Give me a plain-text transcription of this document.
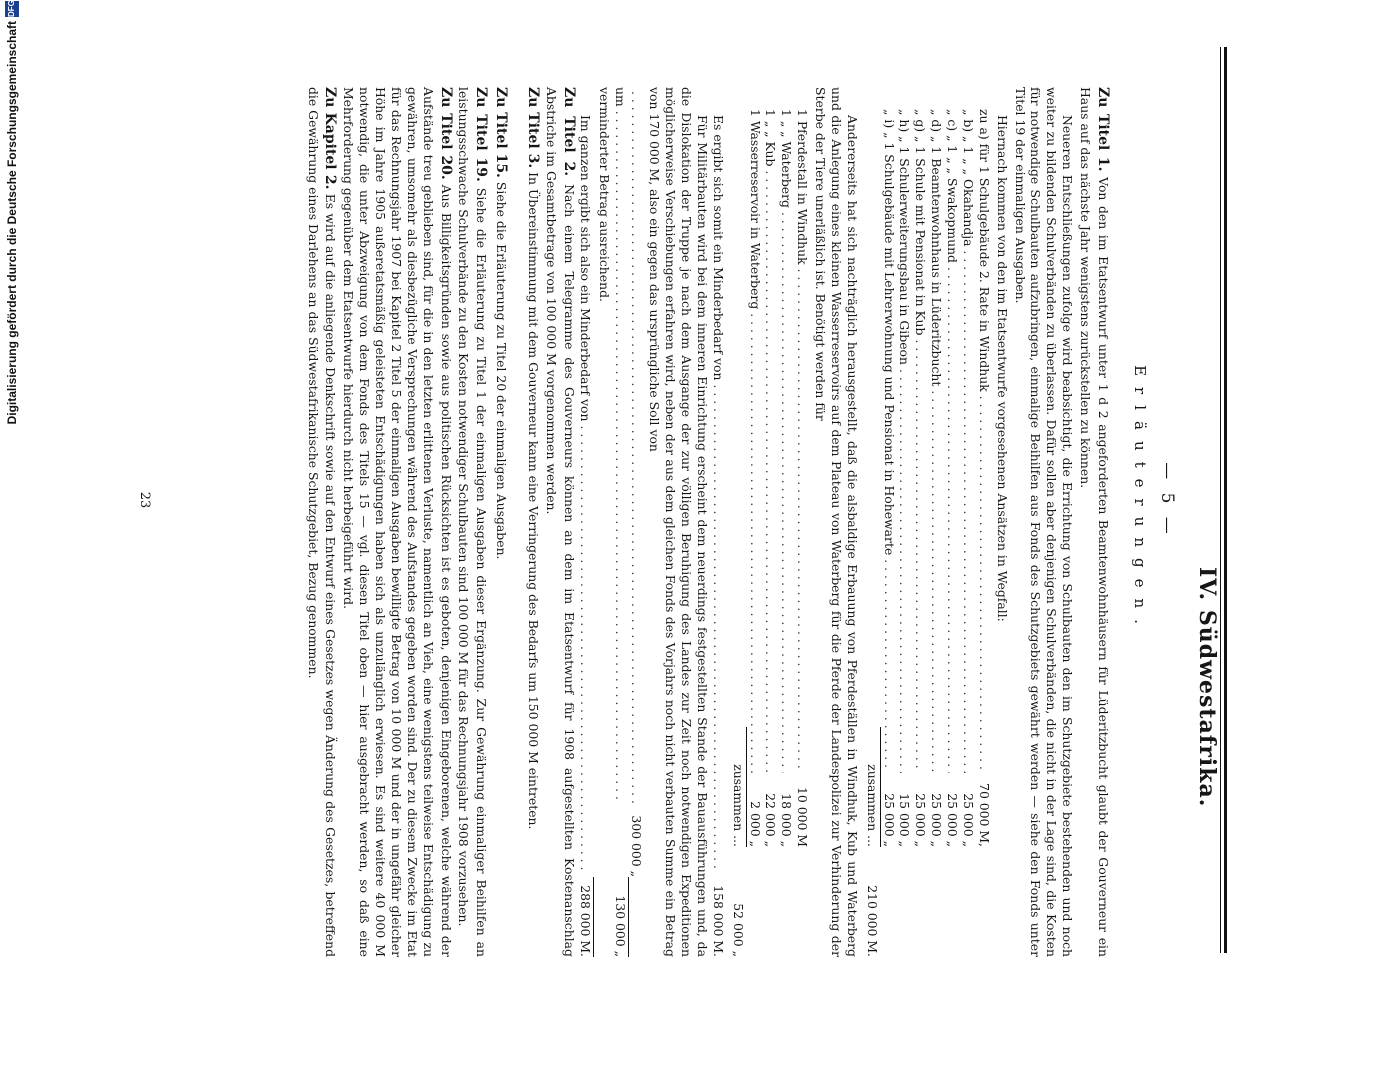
Digitalisierung gefördert durch die Deutsche Forschungsgemeinschaft
DFG
IV. Südwestafrika.
— 5 —
Erläuterungen.

Zu Titel 1. Von den im Etatsentwurf unter 1 d 2 angeforderten Beamtenwohnhäusern für Lüderitzbucht glaubt der Gouverneur ein Haus auf das nächste Jahr wenigstens zurückstellen zu können.

Neueren Entschließungen zufolge wird beabsichtigt, die Errichtung von Schulbauten den im Schutzgebiete bestehenden und noch weiter zu bildenden Schulverbänden zu überlassen. Dafür sollen aber denjenigen Schulverbänden, die nicht in der Lage sind, die Kosten für notwendige Schulbauten aufzubringen, einmalige Beihilfen aus Fonds des Schutzgebiets gewährt werden — siehe den Fonds unter Titel 19 der einmaligen Ausgaben.

Hiernach kommen von den im Etatsentwurfe vorgesehenen Ansätzen in Wegfall:

zu a) für 1 Schulgebäude 2. Rate in Windhuk
. . .
70 000 M,
„ b) „ 1 „ „ Okahandja
. . .
25 000 „
„ c) „ 1 „ „ Swakopmund
. . .
25 000 „
„ d) „ 1 Beamtenwohnhaus in Lüderitzbucht
. . .
25 000 „
„ g) „ 1 Schule mit Pensionat in Kub
. . .
25 000 „
„ h) „ 1 Schulerweiterungsbau in Gibeon
. . .
15 000 „
„ i) „ 1 Schulgebäude mit Lehrerwohnung und Pensionat in Hohewarte
. . .
25 000 „
zusammen ...
210 000 M.

Andererseits hat sich nachträglich herausgestellt, daß die alsbaldige Erbauung von Pferdeställen in Windhuk, Kub und Waterberg und die Anlegung eines kleinen Wasserreservoirs auf dem Plateau von Waterberg für die Pferde der Landespolizei zur Verhinderung der Sterbe der Tiere unerläßlich ist. Benötigt werden für

1 Pferdestall in Windhuk
. . .
10 000 M
1 „ „ Waterberg
. . .
18 000 „
1 „ „ Kub
. . .
22 000 „
1 Wasserreservoir in Waterberg
. . .
2 000 „
zusammen ...
52 000 „
Es ergibt sich somit ein Minderbedarf von
. . .
158 000 M.

Für Militärbauten wird bei dem inneren Einrichtung erscheint dem neuerdings festgestellten Stande der Bauausführungen und, da die Dislokation der Truppe je nach dem Ausgange der zur völligen Beruhigung des Landes zur Zeit noch notwendigen Expeditionen möglicherweise Verschiebungen erfahren wird, neben der aus dem gleichen Fonds des Vorjahrs noch nicht verbauten Summe ein Betrag von 170 000 M, also ein gegen das ursprüngliche Soll von

. . .
300 000 „
um
. . .
130 000 „
verminderter Betrag ausreichend.
Im ganzen ergibt sich also ein Minderbedarf von
. . .
288 000 M.

Zu Titel 2. Nach einem Telegramme des Gouverneurs können an dem im Etatsentwurf für 1908 aufgestellten Kostenanschlag Abstriche im Gesamtbetrage von 100 000 M vorgenommen werden.

Zu Titel 3. In Übereinstimmung mit dem Gouverneur kann eine Verringerung des Bedarfs um 150 000 M eintreten.

Zu Titel 15. Siehe die Erläuterung zu Titel 20 der einmaligen Ausgaben.

Zu Titel 19. Siehe die Erläuterung zu Titel 1 der einmaligen Ausgaben dieser Ergänzung. Zur Gewährung einmaliger Beihilfen an leistungsschwache Schulverbände zu den Kosten notwendiger Schulbauten sind 100 000 M für das Rechnungsjahr 1908 vorzusehen.

Zu Titel 20. Aus Billigkeitsgründen sowie aus politischen Rücksichten ist es geboten, denjenigen Eingeborenen, welche während der Aufstände treu geblieben sind, für die in den letzten erlittenen Verluste, namentlich an Vieh, eine wenigstens teilweise Entschädigung zu gewähren, umsomehr als diesbezügliche Versprechungen während des Aufstandes gegeben worden sind. Der zu diesem Zwecke im Etat für das Rechnungsjahr 1907 bei Kapitel 2 Titel 5 der einmaligen Ausgaben bewilligte Betrag von 10 000 M und der in ungefähr gleicher Höhe im Jahre 1905 außeretatsmäßig geleisteten Entschädigungen haben sich als unzulänglich erwiesen. Es sind weitere 40 000 M notwendig, die unter Abzweigung von dem Fonds des Titels 15 — vgl. diesen Titel oben — hier ausgebracht werden, so daß eine Mehrforderung gegenüber dem Etatsentwurfe hierdurch nicht herbeigeführt wird.

Zu Kapitel 2. Es wird auf die anliegende Denkschrift sowie auf den Entwurf eines Gesetzes wegen Änderung des Gesetzes, betreffend die Gewährung eines Darlehens an das Südwestafrikanische Schutzgebiet, Bezug genommen.

23
